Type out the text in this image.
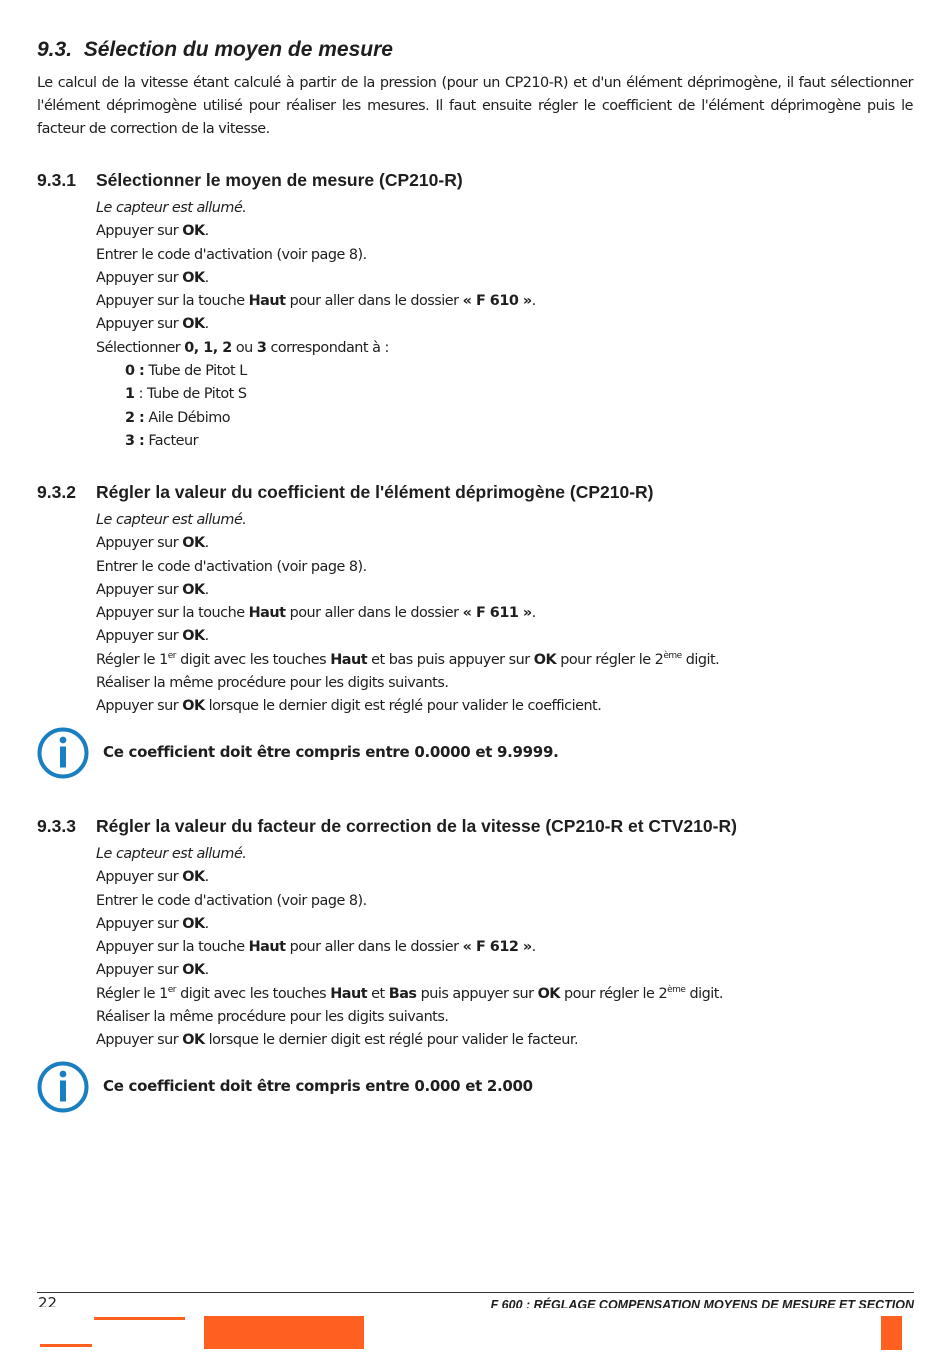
9.3. Sélection du moyen de mesure

Le calcul de la vitesse étant calculé à partir de la pression (pour un CP210-R) et d'un élément déprimogène, il faut sélectionner l'élément déprimogène utilisé pour réaliser les mesures. Il faut ensuite régler le coefficient de l'élément déprimogène puis le facteur de correction de la vitesse.

9.3.1 Sélectionner le moyen de mesure (CP210-R)
Le capteur est allumé.
Appuyer sur OK.
Entrer le code d'activation (voir page 8).
Appuyer sur OK.
Appuyer sur la touche Haut pour aller dans le dossier « F 610 ».
Appuyer sur OK.
Sélectionner 0, 1, 2 ou 3 correspondant à :
0 : Tube de Pitot L
1 : Tube de Pitot S
2 : Aile Débimo
3 : Facteur
9.3.2 Régler la valeur du coefficient de l'élément déprimogène (CP210-R)
Le capteur est allumé.
Appuyer sur OK.
Entrer le code d'activation (voir page 8).
Appuyer sur OK.
Appuyer sur la touche Haut pour aller dans le dossier « F 611 ».
Appuyer sur OK.
Régler le 1er digit avec les touches Haut et bas puis appuyer sur OK pour régler le 2ème digit.
Réaliser la même procédure pour les digits suivants.
Appuyer sur OK lorsque le dernier digit est réglé pour valider le coefficient.

Ce coefficient doit être compris entre 0.0000 et 9.9999.

9.3.3 Régler la valeur du facteur de correction de la vitesse (CP210-R et CTV210-R)
Le capteur est allumé.
Appuyer sur OK.
Entrer le code d'activation (voir page 8).
Appuyer sur OK.
Appuyer sur la touche Haut pour aller dans le dossier « F 612 ».
Appuyer sur OK.
Régler le 1er digit avec les touches Haut et Bas puis appuyer sur OK pour régler le 2ème digit.
Réaliser la même procédure pour les digits suivants.
Appuyer sur OK lorsque le dernier digit est réglé pour valider le facteur.

Ce coefficient doit être compris entre 0.000 et 2.000

22	F 600 : RÉGLAGE COMPENSATION MOYENS DE MESURE ET SECTION
